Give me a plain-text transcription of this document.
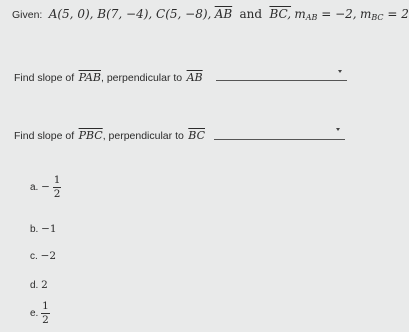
Given: A(5, 0), B(7, −4), C(5, −8), $\overline{AB}$ and BC, $m_{AB} = -2$, $m_{BC} = 2$
Find slope of $\overline{PAB}$, perpendicular to $\overline{AB}$
Find slope of $\overline{PBC}$, perpendicular to $\overline{BC}$
a. − $\frac{1}{2}$
b. −1
c. −2
d. 2
e. $\frac{1}{2}$
